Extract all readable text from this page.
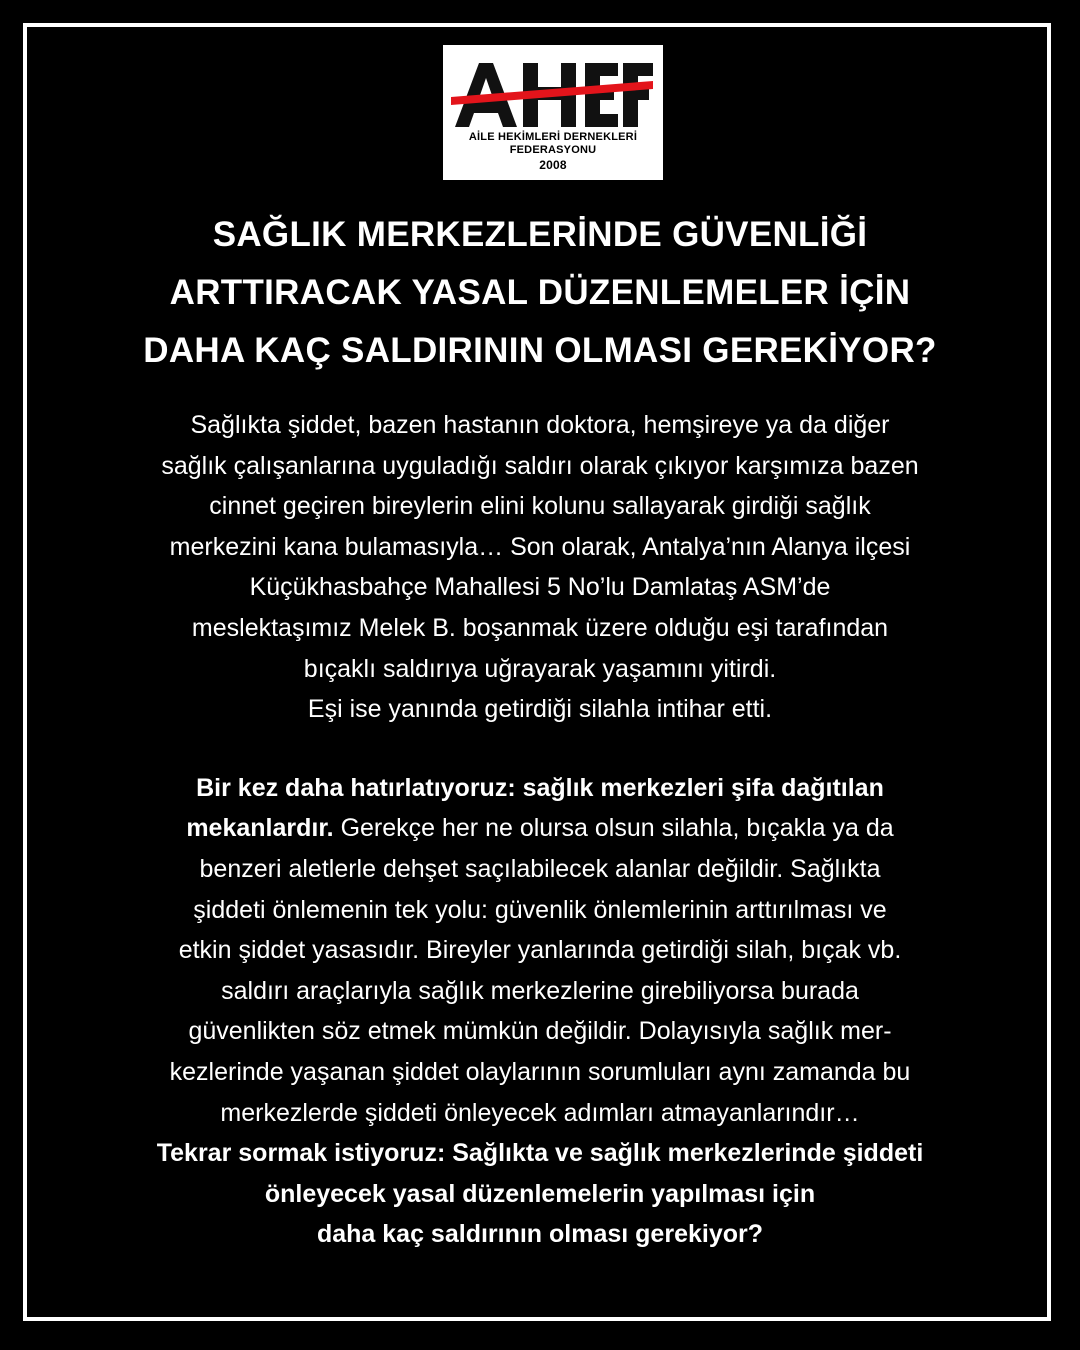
AİLE HEKİMLERİ DERNEKLERİ
FEDERASYONU
2008
SAĞLIK MERKEZLERİNDE GÜVENLİĞİ
ARTTIRACAK YASAL DÜZENLEMELER İÇİN
DAHA KAÇ SALDIRININ OLMASI GEREKİYOR?
Sağlıkta şiddet, bazen hastanın doktora, hemşireye ya da diğer
sağlık çalışanlarına uyguladığı saldırı olarak çıkıyor karşımıza bazen
cinnet geçiren bireylerin elini kolunu sallayarak girdiği sağlık
merkezini kana bulamasıyla… Son olarak, Antalya’nın Alanya ilçesi
Küçükhasbahçe Mahallesi 5 No’lu Damlataş ASM’de
meslektaşımız Melek B. boşanmak üzere olduğu eşi tarafından
bıçaklı saldırıya uğrayarak yaşamını yitirdi.
Eşi ise yanında getirdiği silahla intihar etti.
Bir kez daha hatırlatıyoruz: sağlık merkezleri şifa dağıtılan
mekanlardır. Gerekçe her ne olursa olsun silahla, bıçakla ya da
benzeri aletlerle dehşet saçılabilecek alanlar değildir. Sağlıkta
şiddeti önlemenin tek yolu: güvenlik önlemlerinin arttırılması ve
etkin şiddet yasasıdır. Bireyler yanlarında getirdiği silah, bıçak vb.
saldırı araçlarıyla sağlık merkezlerine girebiliyorsa burada
güvenlikten söz etmek mümkün değildir. Dolayısıyla sağlık mer-
kezlerinde yaşanan şiddet olaylarının sorumluları aynı zamanda bu
merkezlerde şiddeti önleyecek adımları atmayanlarındır…
Tekrar sormak istiyoruz: Sağlıkta ve sağlık merkezlerinde şiddeti
önleyecek yasal düzenlemelerin yapılması için
daha kaç saldırının olması gerekiyor?
